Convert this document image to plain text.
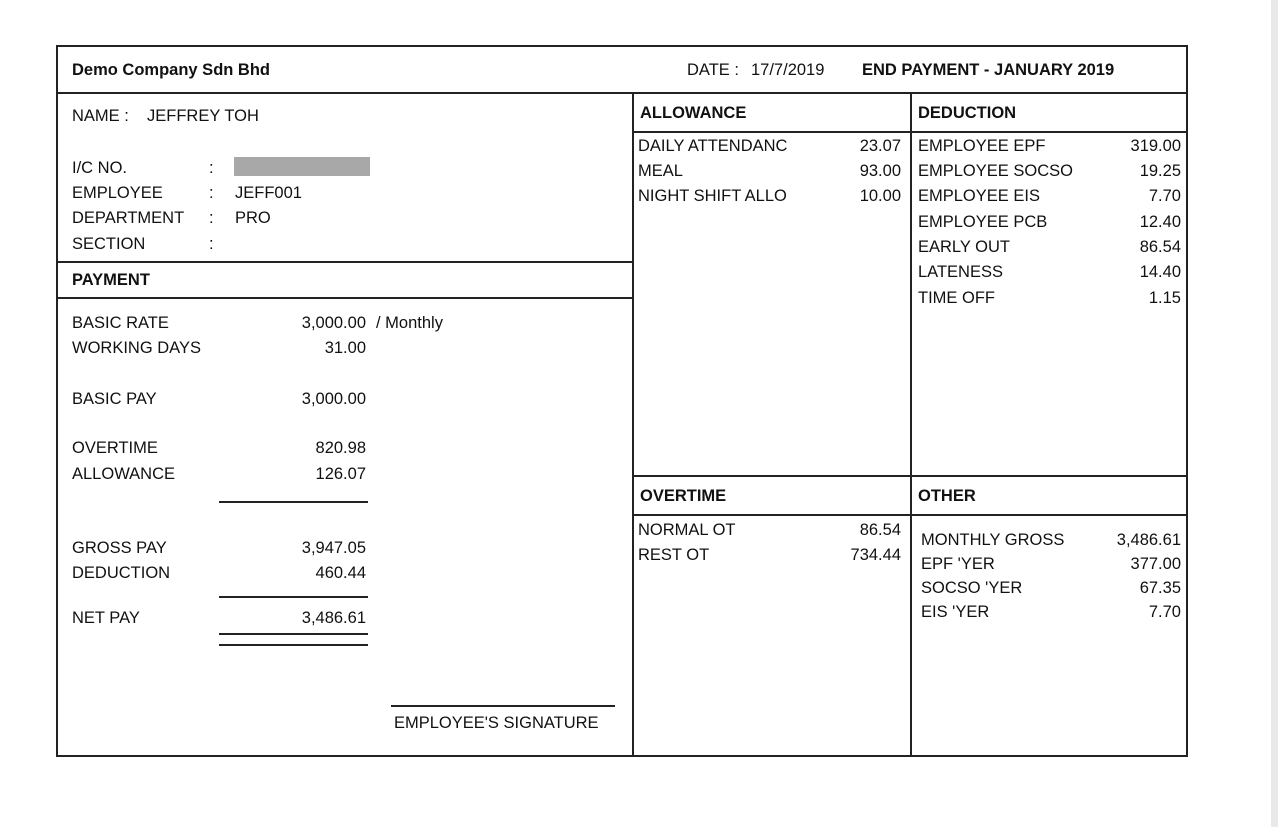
Demo Company Sdn Bhd	DATE : 17/7/2019 END PAYMENT - JANUARY 2019
NAME : JEFFREY TOH
I/C NO.	:
EMPLOYEE	: JEFF001
DEPARTMENT : PRO
SECTION	:
PAYMENT
BASIC RATE	3,000.00 / Monthly
WORKING DAYS	31.00
BASIC PAY	3,000.00
OVERTIME	820.98
ALLOWANCE	126.07
GROSS PAY	3,947.05
DEDUCTION	460.44
NET PAY	3,486.61
EMPLOYEE'S SIGNATURE
ALLOWANCE
DAILY ATTENDANC	23.07
MEAL	93.00
NIGHT SHIFT ALLO	10.00
DEDUCTION
EMPLOYEE EPF	319.00
EMPLOYEE SOCSO	19.25
EMPLOYEE EIS	7.70
EMPLOYEE PCB	12.40
EARLY OUT	86.54
LATENESS	14.40
TIME OFF	1.15
OVERTIME	OTHER
NORMAL OT	86.54
REST OT	734.44
MONTHLY GROSS	3,486.61
EPF 'YER	377.00
SOCSO 'YER	67.35
EIS 'YER	7.70
